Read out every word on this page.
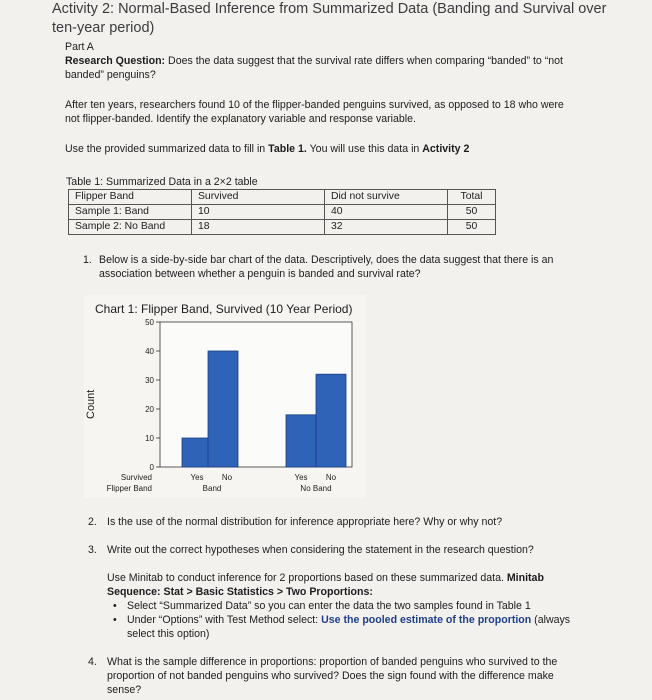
Activity 2: Normal-Based Inference from Summarized Data (Banding and Survival over ten-year period)
Part A
Research Question: Does the data suggest that the survival rate differs when comparing “banded” to “not banded” penguins?
After ten years, researchers found 10 of the flipper-banded penguins survived, as opposed to 18 who were not flipper-banded. Identify the explanatory variable and response variable.
Use the provided summarized data to fill in Table 1. You will use this data in Activity 2
Table 1: Summarized Data in a 2×2 table
Flipper Band	Survived	Did not survive	Total
Sample 1: Band	10	40	50
Sample 2: No Band	18	32	50
1. Below is a side-by-side bar chart of the data. Descriptively, does the data suggest that there is an association between whether a penguin is banded and survival rate?
Chart 1: Flipper Band, Survived (10 Year Period)
Count
0
10
20
30
40
50
Yes No	Yes No
Band	No Band
Survived
Flipper Band
2. Is the use of the normal distribution for inference appropriate here? Why or why not?
3. Write out the correct hypotheses when considering the statement in the research question?
Use Minitab to conduct inference for 2 proportions based on these summarized data. Minitab Sequence: Stat > Basic Statistics > Two Proportions:
• Select “Summarized Data” so you can enter the data the two samples found in Table 1
• Under “Options” with Test Method select: Use the pooled estimate of the proportion (always select this option)
4. What is the sample difference in proportions: proportion of banded penguins who survived to the proportion of not banded penguins who survived? Does the sign found with the difference make sense?
